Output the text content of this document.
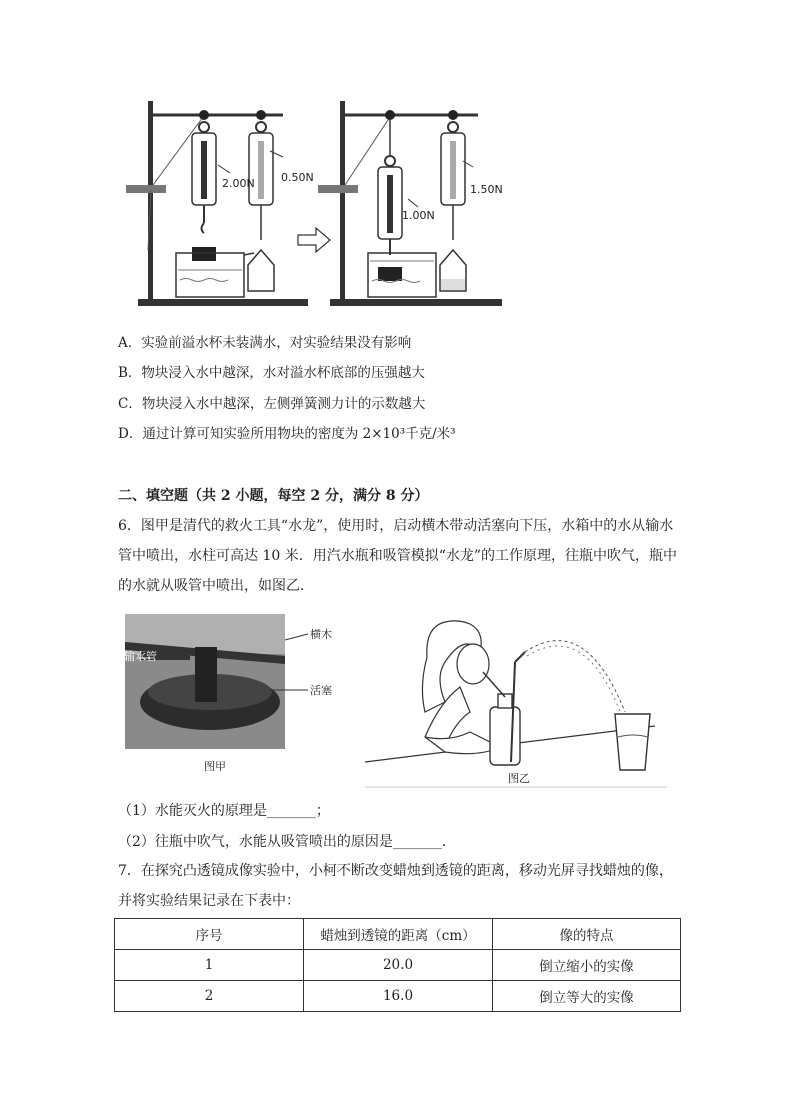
2.00N 0.50N
1.00N
1.50N
A．实验前溢水杯未装满水，对实验结果没有影响
B．物块浸入水中越深，水对溢水杯底部的压强越大
C．物块浸入水中越深，左侧弹簧测力计的示数越大
D．通过计算可知实验所用物块的密度为 2×10³千克/米³
二、填空题（共 2 小题，每空 2 分，满分 8 分）
6．图甲是清代的救火工具“水龙”，使用时，启动横木带动活塞向下压，水箱中的水从输水管中喷出，水柱可高达 10 米．用汽水瓶和吸管模拟“水龙”的工作原理，往瓶中吹气，瓶中的水就从吸管中喷出，如图乙．
横木
输水管
活塞
图甲
图乙
（1）水能灭火的原理是_______；
（2）往瓶中吹气，水能从吸管喷出的原因是_______．
7．在探究凸透镜成像实验中，小柯不断改变蜡烛到透镜的距离，移动光屏寻找蜡烛的像，并将实验结果记录在下表中：
序号	蜡烛到透镜的距离（cm）	像的特点
1	20.0	倒立缩小的实像
2	16.0	倒立等大的实像
